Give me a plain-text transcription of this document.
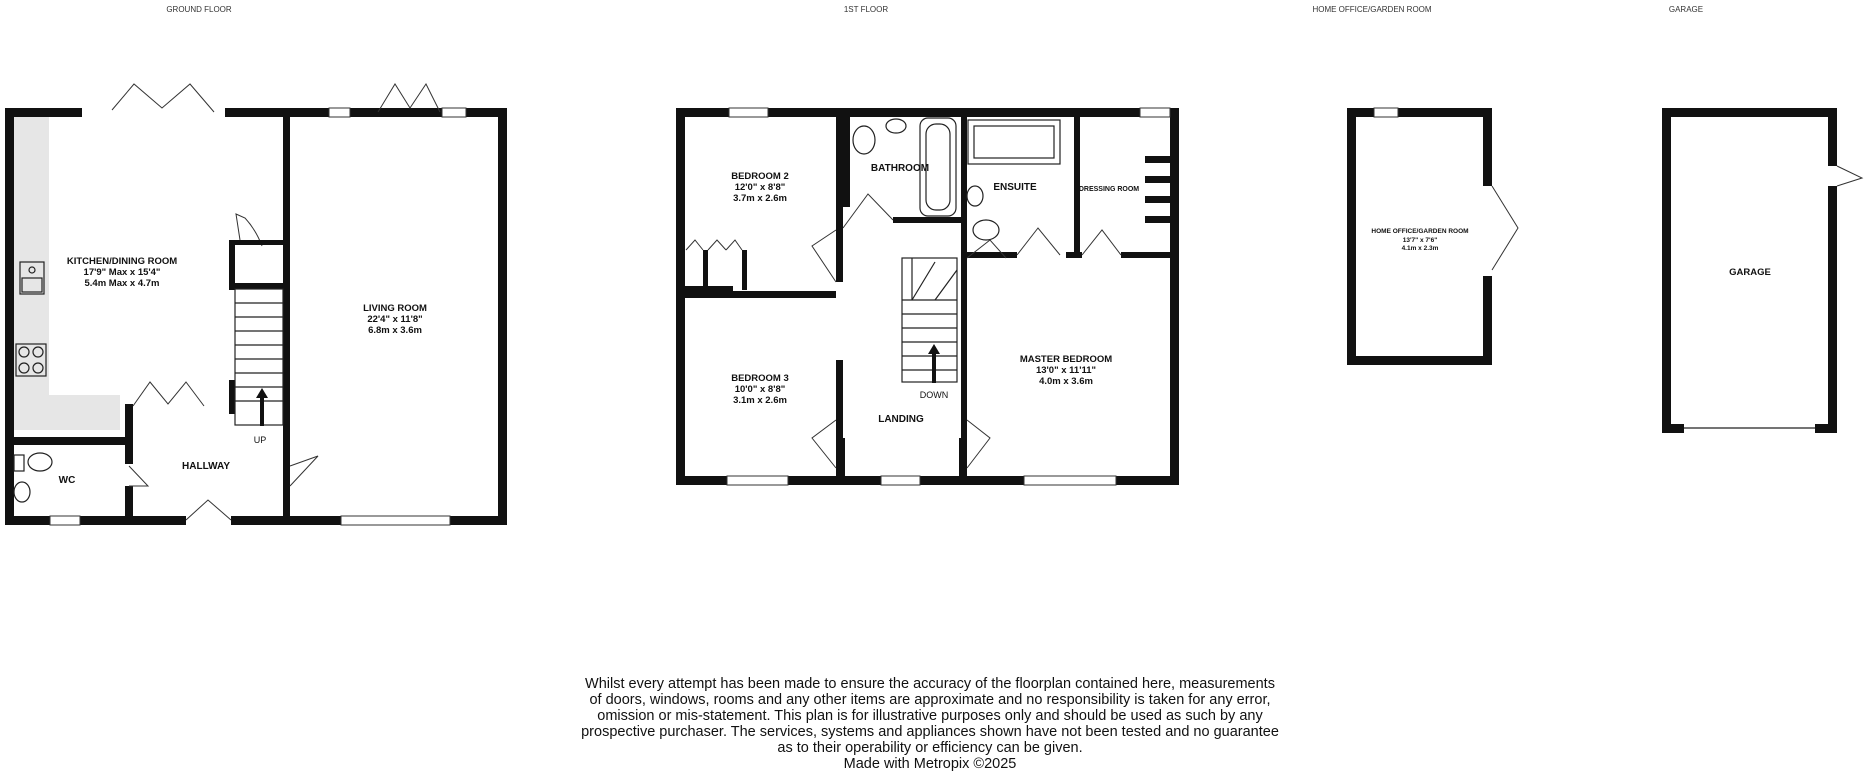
GROUND FLOOR	1ST FLOOR	HOME OFFICE/GARDEN ROOM	GARAGE
KITCHEN/DINING ROOM
17'9" Max x 15'4"
5.4m Max x 4.7m
LIVING ROOM
22'4" x 11'8"
6.8m x 3.6m
WC
HALLWAY
UP
BEDROOM 2
12'0" x 8'8"
3.7m x 2.6m
BATHROOM
ENSUITE	DRESSING ROOM
BEDROOM 3
10'0" x 8'8"
3.1m x 2.6m
LANDING
DOWN
MASTER BEDROOM
13'0" x 11'11"
4.0m x 3.6m
HOME OFFICE/GARDEN ROOM
13'7" x 7'6"
4.1m x 2.3m
GARAGE
Whilst every attempt has been made to ensure the accuracy of the floorplan contained here, measurements
of doors, windows, rooms and any other items are approximate and no responsibility is taken for any error,
omission or mis-statement. This plan is for illustrative purposes only and should be used as such by any
prospective purchaser. The services, systems and appliances shown have not been tested and no guarantee
as to their operability or efficiency can be given.
Made with Metropix ©2025
